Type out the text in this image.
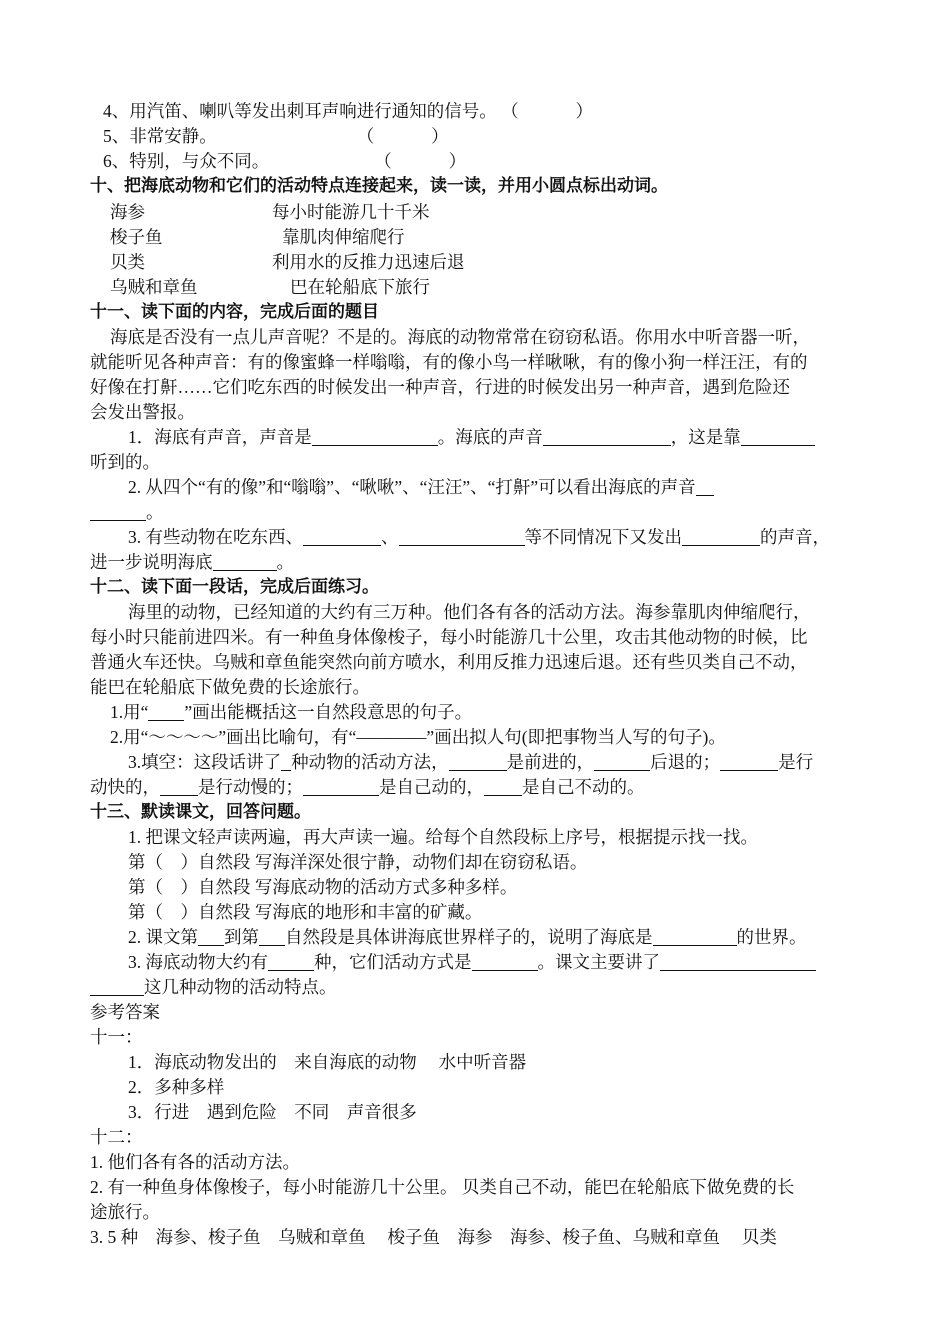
4、用汽笛、喇叭等发出刺耳声响进行通知的信号。 （　　　 ）
5、非常安静。　　　　　　　　　（　　　 ）
6、特别，与众不同。　　　　　　　（　　　 ）
十、把海底动物和它们的活动特点连接起来，读一读，并用小圆点标出动词。
海参	每小时能游几十千米
梭子鱼	靠肌肉伸缩爬行
贝类	利用水的反推力迅速后退
乌贼和章鱼	巴在轮船底下旅行
十一、读下面的内容，完成后面的题目
海底是否没有一点儿声音呢？不是的。海底的动物常常在窃窃私语。你用水中听音器一听，
就能听见各种声音：有的像蜜蜂一样嗡嗡，有的像小鸟一样啾啾，有的像小狗一样汪汪，有的
好像在打鼾……它们吃东西的时候发出一种声音，行进的时候发出另一种声音，遇到危险还
会发出警报。
1．海底有声音，声音是	。海底的声音	，这是靠
听到的。
2. 从四个“有的像”和“嗡嗡”、“啾啾”、“汪汪”、“打鼾”可以看出海底的声音
。
3. 有些动物在吃东西、	、	等不同情况下又发出	的声音，
进一步说明海底	。
十二、读下面一段话，完成后面练习。
海里的动物，已经知道的大约有三万种。他们各有各的活动方法。海参靠肌肉伸缩爬行，
每小时只能前进四米。有一种鱼身体像梭子，每小时能游几十公里，攻击其他动物的时候，比
普通火车还快。乌贼和章鱼能突然向前方喷水，利用反推力迅速后退。还有些贝类自己不动，
能巴在轮船底下做免费的长途旅行。
1.用“ ”画出能概括这一自然段意思的句子。
2.用“～～～～”画出比喻句，有“————”画出拟人句(即把事物当人写的句子)。
3.填空：这段话讲了 种动物的活动方法，	是前进的，	后退的；	是行
动快的， 是行动慢的；	是自己动的， 是自己不动的。
十三、默读课文，回答问题。
1. 把课文轻声读两遍，再大声读一遍。给每个自然段标上序号，根据提示找一找。
第（　）自然段 写海洋深处很宁静，动物们却在窃窃私语。
第（　）自然段 写海底动物的活动方式多种多样。
第（　）自然段 写海底的地形和丰富的矿藏。
2. 课文第 到第 自然段是具体讲海底世界样子的，说明了海底是	的世界。
3. 海底动物大约有	种，它们活动方式是	。课文主要讲了
这几种动物的活动特点。
参考答案
十一：
1．海底动物发出的　来自海底的动物　 水中听音器
2．多种多样
3．行进　遇到危险　不同　声音很多
十二：
1. 他们各有各的活动方法。
2. 有一种鱼身体像梭子，每小时能游几十公里。 贝类自己不动，能巴在轮船底下做免费的长
途旅行。
3. 5 种　海参、梭子鱼　乌贼和章鱼　 梭子鱼　海参　海参、梭子鱼、乌贼和章鱼　 贝类
